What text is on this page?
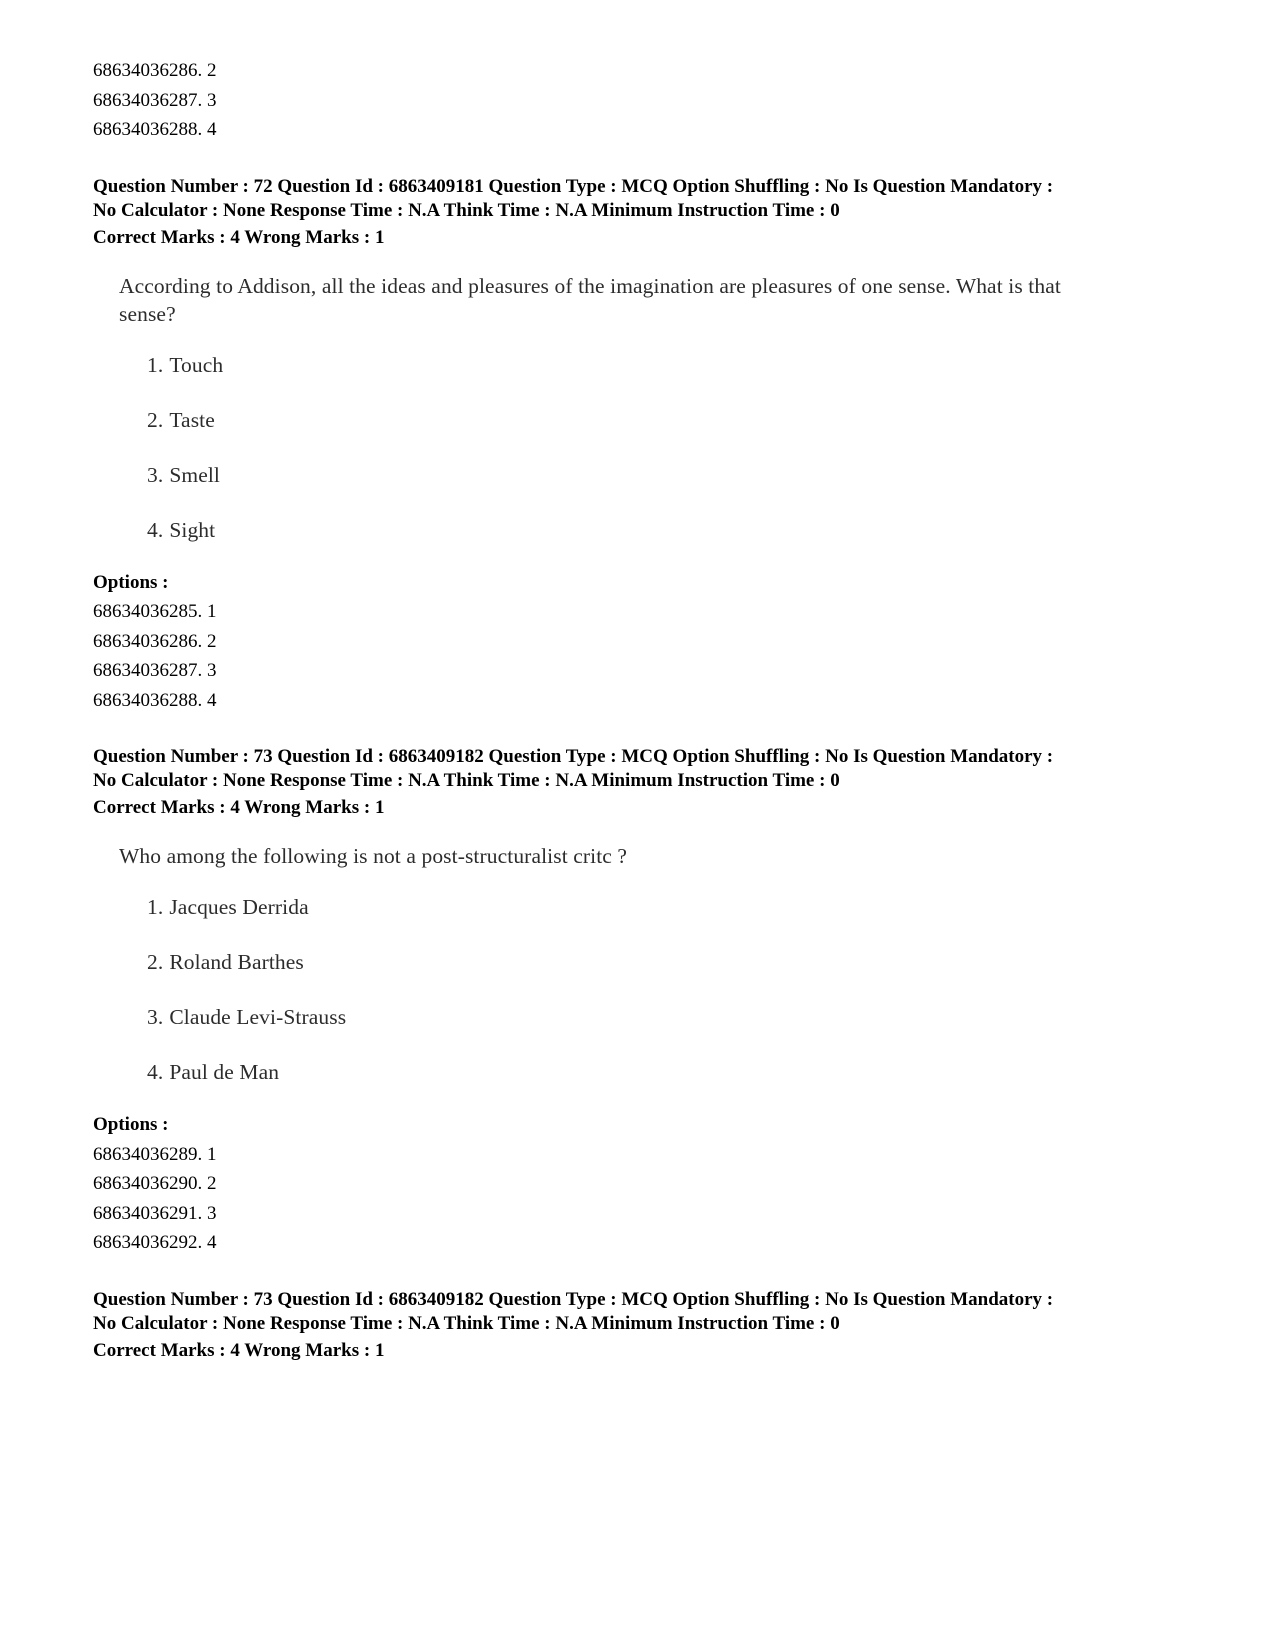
68634036286. 2
68634036287. 3
68634036288. 4
Question Number : 72 Question Id : 6863409181 Question Type : MCQ Option Shuffling : No Is Question Mandatory :
No Calculator : None Response Time : N.A Think Time : N.A Minimum Instruction Time : 0
Correct Marks : 4 Wrong Marks : 1
According to Addison, all the ideas and pleasures of the imagination are pleasures of one sense. What is that sense?
1. Touch
2. Taste
3. Smell
4. Sight
Options :
68634036285. 1
68634036286. 2
68634036287. 3
68634036288. 4
Question Number : 73 Question Id : 6863409182 Question Type : MCQ Option Shuffling : No Is Question Mandatory :
No Calculator : None Response Time : N.A Think Time : N.A Minimum Instruction Time : 0
Correct Marks : 4 Wrong Marks : 1
Who among the following is not a post-structuralist critc ?
1. Jacques Derrida
2. Roland Barthes
3. Claude Levi-Strauss
4. Paul de Man
Options :
68634036289. 1
68634036290. 2
68634036291. 3
68634036292. 4
Question Number : 73 Question Id : 6863409182 Question Type : MCQ Option Shuffling : No Is Question Mandatory :
No Calculator : None Response Time : N.A Think Time : N.A Minimum Instruction Time : 0
Correct Marks : 4 Wrong Marks : 1
